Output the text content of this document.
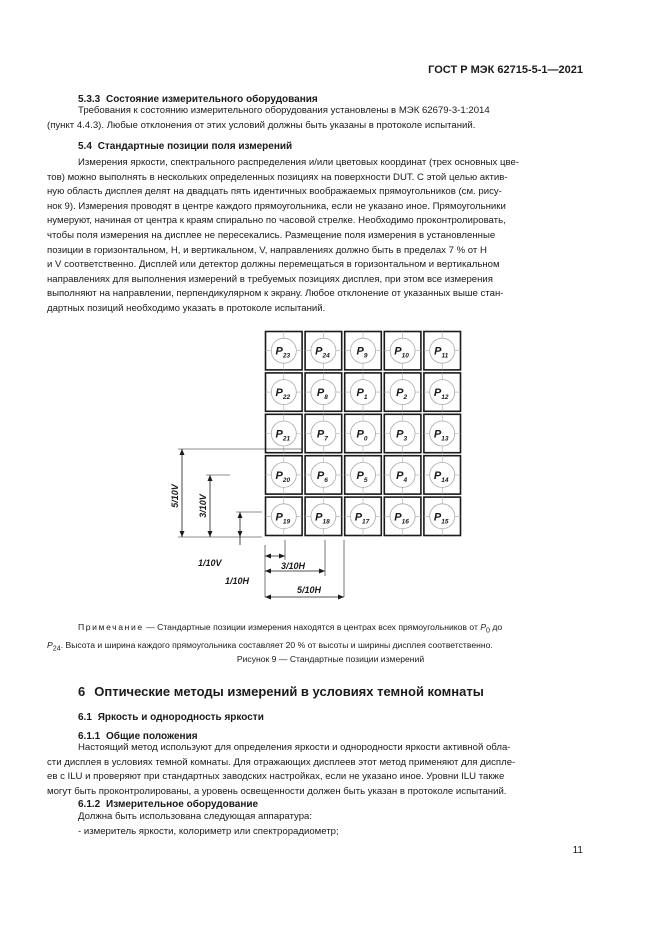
ГОСТ Р МЭК 62715-5-1—2021
5.3.3 Состояние измерительного оборудования
Требования к состоянию измерительного оборудования установлены в МЭК 62679-3-1:2014
(пункт 4.4.3). Любые отклонения от этих условий должны быть указаны в протоколе испытаний.
5.4 Стандартные позиции поля измерений
Измерения яркости, спектрального распределения и/или цветовых координат (трех основных цве-
тов) можно выполнять в нескольких определенных позициях на поверхности DUT. С этой целью актив-
ную область дисплея делят на двадцать пять идентичных воображаемых прямоугольников (см. рису-
нок 9). Измерения проводят в центре каждого прямоугольника, если не указано иное. Прямоугольники
нумеруют, начиная от центра к краям спирально по часовой стрелке. Необходимо проконтролировать,
чтобы поля измерения на дисплее не пересекались. Размещение поля измерения в установленные
позиции в горизонтальном, H, и вертикальном, V, направлениях должно быть в пределах 7 % от H
и V соответственно. Дисплей или детектор должны перемещаться в горизонтальном и вертикальном
направлениях для выполнения измерений в требуемых позициях дисплея, при этом все измерения
выполняют на направлении, перпендикулярном к экрану. Любое отклонение от указанных выше стан-
дартных позиций необходимо указать в протоколе испытаний.
$P_{23}$ $P_{24}$ $P_9$ $P_{10}$ $P_{11}$
$P_{22}$ $P_8$	$P_1$	$P_2$ $P_{12}$
$P_{21}$ $P_7$	$P_0$	$P_3$ $P_{13}$
$P_{20}$ $P_6$	$P_5$	$P_4$ $P_{14}$
$P_{19}$ $P_{18}$ $P_{17}$ $P_{16}$ $P_{15}$
5/10V 3/10V
1/10V
1/10H
3/10H
5/10H
Примечание — Стандартные позиции измерения находятся в центрах всех прямоугольников от $P_0$ до
$P_{24}$. Высота и ширина каждого прямоугольника составляет 20 % от высоты и ширины дисплея соответственно.
Рисунок 9 — Стандартные позиции измерений
6 Оптические методы измерений в условиях темной комнаты
6.1 Яркость и однородность яркости
6.1.1 Общие положения
Настоящий метод используют для определения яркости и однородности яркости активной обла-
сти дисплея в условиях темной комнаты. Для отражающих дисплеев этот метод применяют для диспле-
ев с ILU и проверяют при стандартных заводских настройках, если не указано иное. Уровни ILU также
могут быть проконтролированы, а уровень освещенности должен быть указан в протоколе испытаний.
6.1.2 Измерительное оборудование
Должна быть использована следующая аппаратура:
- измеритель яркости, колориметр или спектрорадиометр;
11
